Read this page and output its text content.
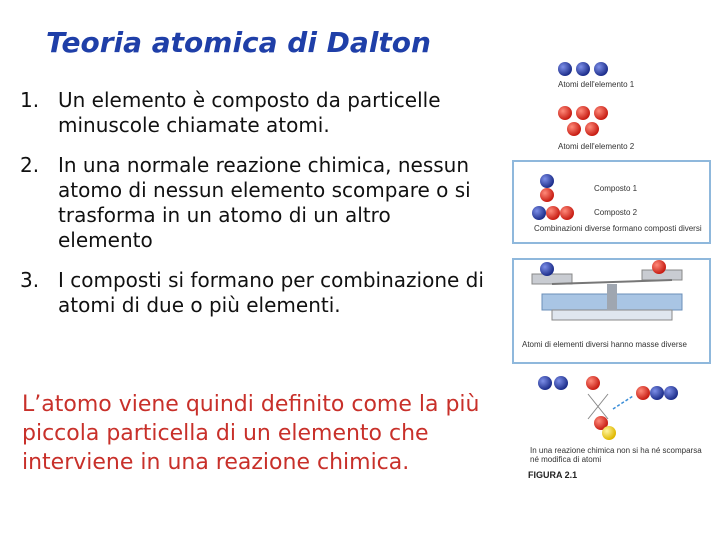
Teoria atomica di Dalton
1. Un elemento è composto da particelle minuscole chiamate atomi.
2. In una normale reazione chimica, nessun atomo di nessun elemento scompare o si trasforma in un atomo di un altro elemento
3. I composti si formano per combinazione di atomi di due o più elementi.
L’atomo viene quindi definito come la più piccola particella di un elemento che interviene in una reazione chimica.
Atomi dell'elemento 1
Atomi dell'elemento 2
Composto 1
Composto 2
Combinazioni diverse formano composti diversi
Atomi di elementi diversi hanno masse diverse
In una reazione chimica non si ha né scomparsa né modifica di atomi
FIGURA 2.1
